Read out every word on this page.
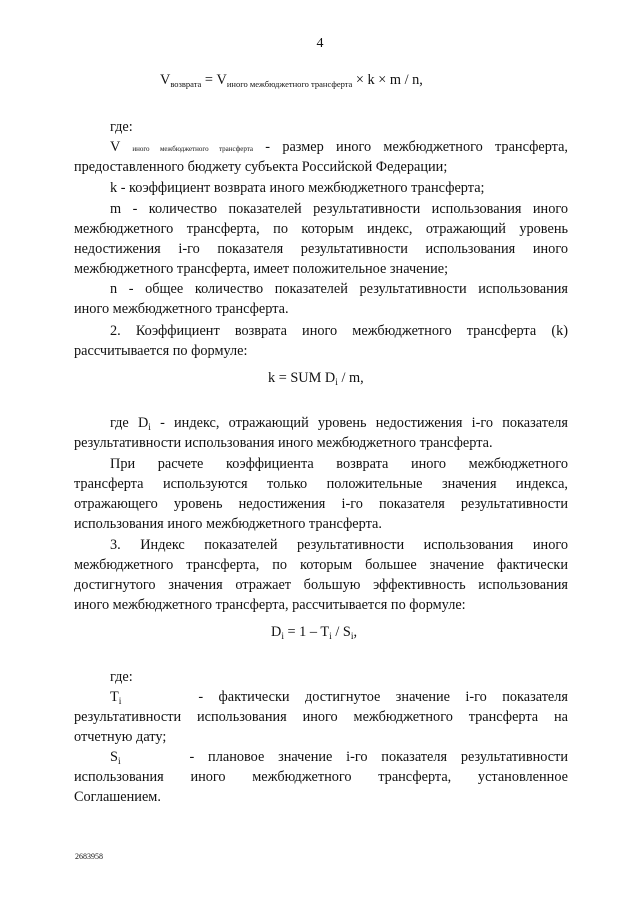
4
$V_{возврата} = V_{иного межбюджетного трансферта} \times k \times m / n$,
где:
V иного межбюджетного трансферта - размер иного межбюджетного трансферта,
предоставленного бюджету субъекта Российской Федерации;
k - коэффициент возврата иного межбюджетного трансферта;
m - количество показателей результативности использования иного
межбюджетного трансферта, по которым индекс, отражающий уровень
недостижения i-го показателя результативности использования иного
межбюджетного трансферта, имеет положительное значение;
n - общее количество показателей результативности использования
иного межбюджетного трансферта.
2. Коэффициент возврата иного межбюджетного трансферта (k)
рассчитывается по формуле:
k = SUM $D_i$ / m,
где $D_i$ - индекс, отражающий уровень недостижения i-го показателя
результативности использования иного межбюджетного трансферта.
При расчете коэффициента возврата иного межбюджетного
трансферта используются только положительные значения индекса,
отражающего уровень недостижения i-го показателя результативности
использования иного межбюджетного трансферта.
3. Индекс показателей результативности использования иного
межбюджетного трансферта, по которым большее значение фактически
достигнутого значения отражает большую эффективность использования
иного межбюджетного трансферта, рассчитывается по формуле:
$D_i = 1 - T_i / S_i$,
где:
$T_i$	- фактически достигнутое значение i-го показателя
результативности использования иного межбюджетного трансферта на
отчетную дату;
$S_i$	- плановое значение i-го показателя результативности
использования иного межбюджетного трансферта, установленное
Соглашением.
2683958
